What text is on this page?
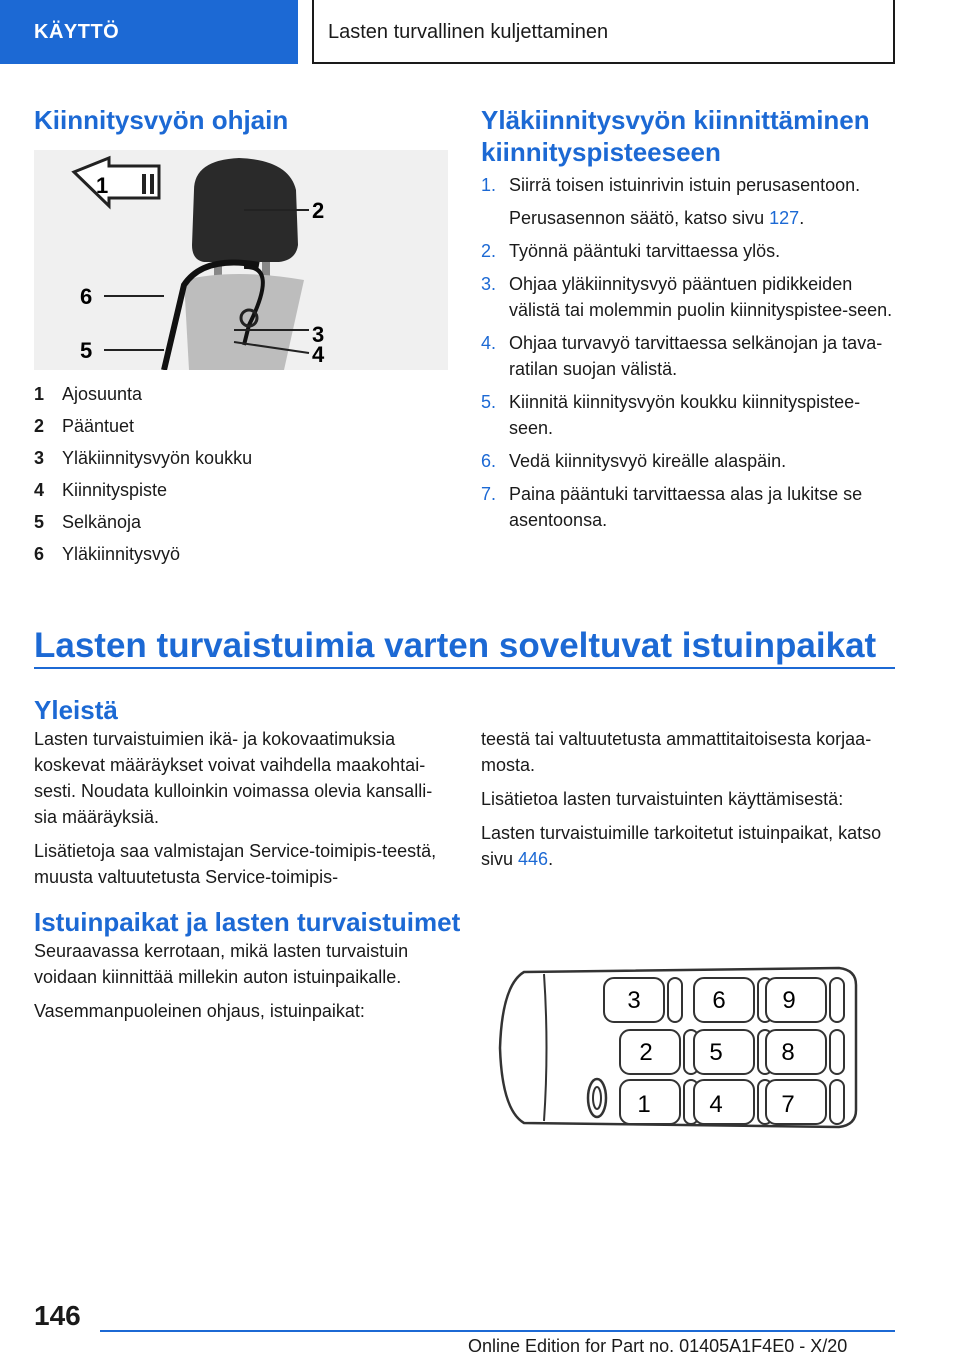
KÄYTTÖ	Lasten turvallinen kuljettaminen
Kiinnitysvyön ohjain
1
2
3
4
5
6
1 Ajosuunta
2 Pääntuet
3 Yläkiinnitysvyön koukku
4 Kiinnityspiste
5 Selkänoja
6 Yläkiinnitysvyö
Yläkiinnitysvyön kiinnittäminen kiinnityspisteeseen
1. Siirrä toisen istuinrivin istuin perusasentoon.
Perusasennon säätö, katso sivu 127.
2. Työnnä pääntuki tarvittaessa ylös.
3. Ohjaa yläkiinnitysvyö pääntuen pidikkeiden välistä tai molemmin puolin kiinnityspistee-seen.
4. Ohjaa turvavyö tarvittaessa selkänojan ja tava-ratilan suojan välistä.
5. Kiinnitä kiinnitysvyön koukku kiinnityspistee-seen.
6. Vedä kiinnitysvyö kireälle alaspäin.
7. Paina pääntuki tarvittaessa alas ja lukitse se asentoonsa.
Lasten turvaistuimia varten soveltuvat istuinpaikat
Yleistä

Lasten turvaistuimien ikä- ja kokovaatimuksia koskevat määräykset voivat vaihdella maakohtai-sesti. Noudata kulloinkin voimassa olevia kansalli-sia määräyksiä.

Lisätietoja saa valmistajan Service-toimipis-teestä, muusta valtuutetusta Service-toimipis-

teestä tai valtuutetusta ammattitaitoisesta korjaa-mosta.

Lisätietoa lasten turvaistuinten käyttämisestä:

Lasten turvaistuimille tarkoitetut istuinpaikat, katso sivu 446.

Istuinpaikat ja lasten turvaistuimet

Seuraavassa kerrotaan, mikä lasten turvaistuin voidaan kiinnittää millekin auton istuinpaikalle.

Vasemmanpuoleinen ohjaus, istuinpaikat:	3	6 9
2 5 8
1 4 7
146
Online Edition for Part no. 01405A1F4E0 - X/20
